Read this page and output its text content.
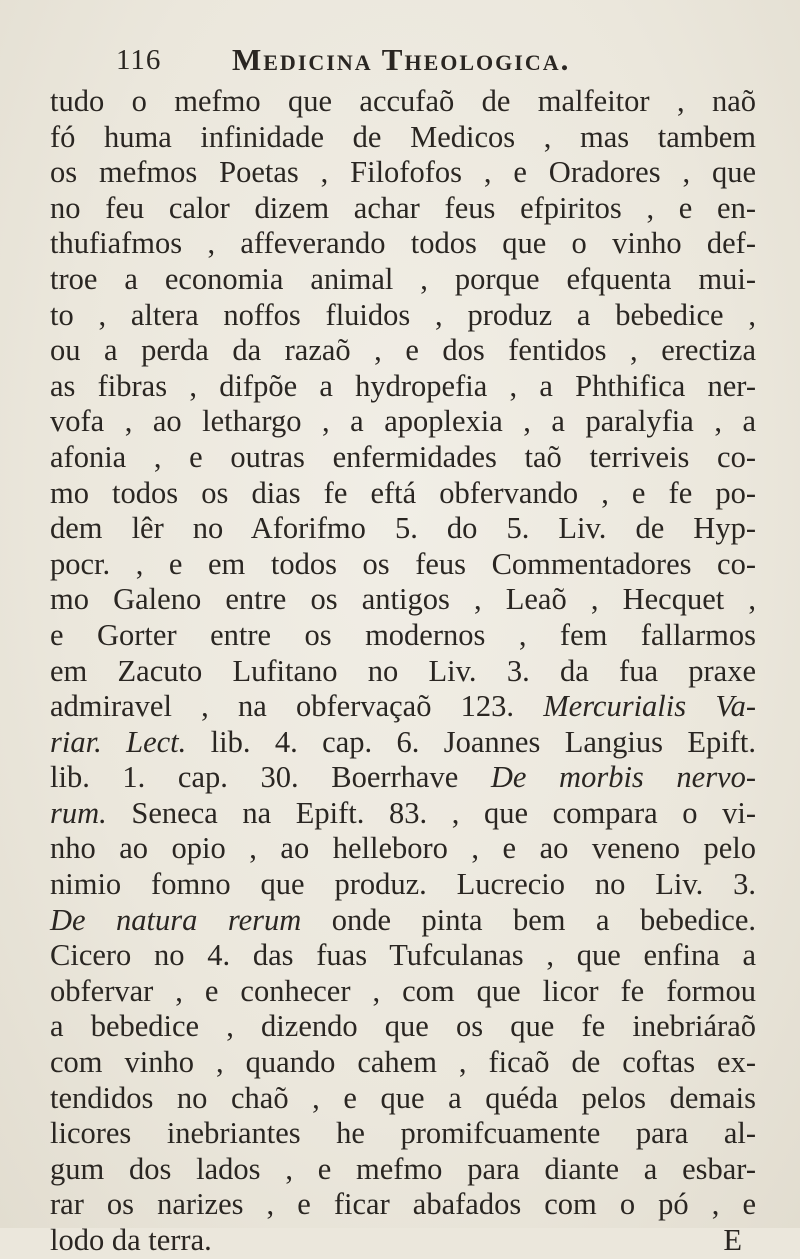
116 Medicina Theologica.
tudo o mefmo que accufaõ de malfeitor , naõ
fó huma infinidade de Medicos , mas tambem
os mefmos Poetas , Filofofos , e Oradores , que
no feu calor dizem achar feus efpiritos , e en-
thufiafmos , affeverando todos que o vinho def-
troe a economia animal , porque efquenta mui-
to , altera noffos fluidos , produz a bebedice ,
ou a perda da razaõ , e dos fentidos , erectiza
as fibras , difpõe a hydropefia , a Phthifica ner-
vofa , ao lethargo , a apoplexia , a paralyfia , a
afonia , e outras enfermidades taõ terriveis co-
mo todos os dias fe eftá obfervando , e fe po-
dem lêr no Aforifmo 5. do 5. Liv. de Hyp-
pocr. , e em todos os feus Commentadores co-
mo Galeno entre os antigos , Leaõ , Hecquet ,
e Gorter entre os modernos , fem fallarmos
em Zacuto Lufitano no Liv. 3. da fua praxe
admiravel , na obfervaçaõ 123. Mercurialis Va-
riar. Lect. lib. 4. cap. 6. Joannes Langius Epift.
lib. 1. cap. 30. Boerrhave De morbis nervo-
rum. Seneca na Epift. 83. , que compara o vi-
nho ao opio , ao helleboro , e ao veneno pelo
nimio fomno que produz. Lucrecio no Liv. 3.
De natura rerum onde pinta bem a bebedice.
Cicero no 4. das fuas Tufculanas , que enfina a
obfervar , e conhecer , com que licor fe formou
a bebedice , dizendo que os que fe inebriáraõ
com vinho , quando cahem , ficaõ de coftas ex-
tendidos no chaõ , e que a quéda pelos demais
licores inebriantes he promifcuamente para al-
gum dos lados , e mefmo para diante a esbar-
rar os narizes , e ficar abafados com o pó , e
lodo da terra.	E
